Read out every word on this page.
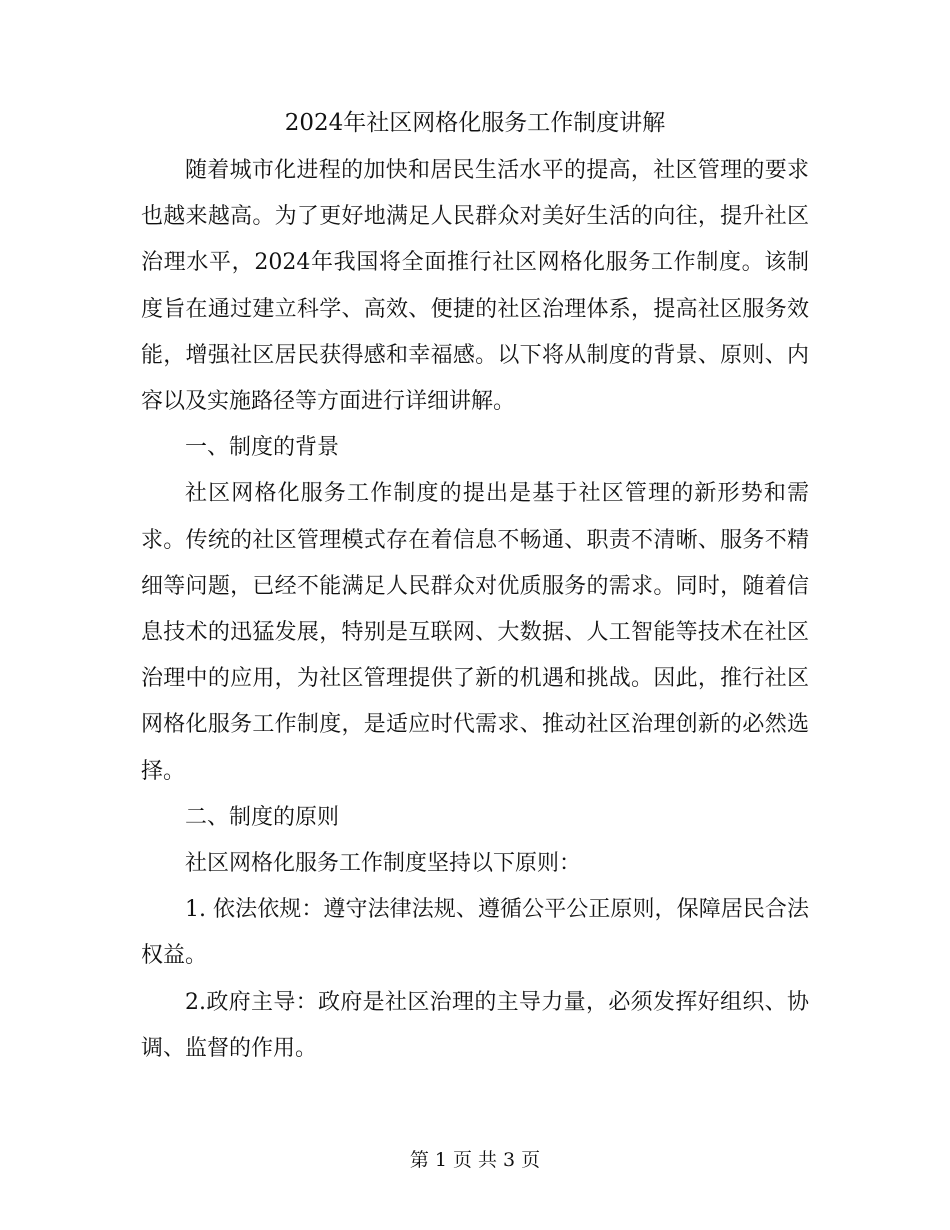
2024年社区网格化服务工作制度讲解

随着城市化进程的加快和居民生活水平的提高，社区管理的要求也越来越高。为了更好地满足人民群众对美好生活的向往，提升社区治理水平，2024年我国将全面推行社区网格化服务工作制度。该制度旨在通过建立科学、高效、便捷的社区治理体系，提高社区服务效能，增强社区居民获得感和幸福感。以下将从制度的背景、原则、内容以及实施路径等方面进行详细讲解。

一、制度的背景

社区网格化服务工作制度的提出是基于社区管理的新形势和需求。传统的社区管理模式存在着信息不畅通、职责不清晰、服务不精细等问题，已经不能满足人民群众对优质服务的需求。同时，随着信息技术的迅猛发展，特别是互联网、大数据、人工智能等技术在社区治理中的应用，为社区管理提供了新的机遇和挑战。因此，推行社区网格化服务工作制度，是适应时代需求、推动社区治理创新的必然选择。

二、制度的原则

社区网格化服务工作制度坚持以下原则：

1. 依法依规：遵守法律法规、遵循公平公正原则，保障居民合法权益。

2.政府主导：政府是社区治理的主导力量，必须发挥好组织、协调、监督的作用。

第 1 页 共 3 页
